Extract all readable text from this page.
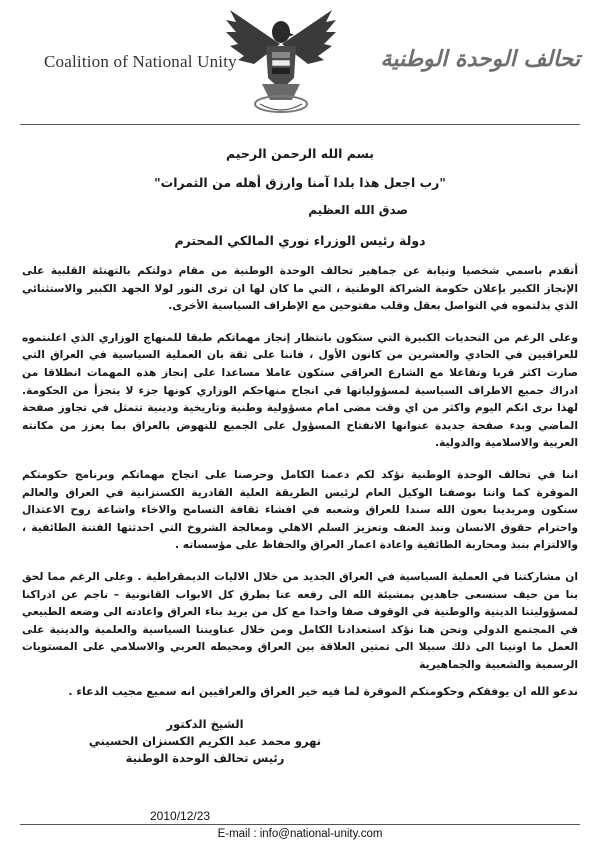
Coalition of National Unity	تحالف الوحدة الوطنية
بسم الله الرحمن الرحيم
"رب اجعل هذا بلدا آمنا وارزق أهله من الثمرات"
صدق الله العظيم
دولة رئيس الوزراء نوري المالكي المحترم
أتقدم باسمي شخصيا ونيابة عن جماهير تحالف الوحدة الوطنية من مقام دولتكم بالتهنئة القلبية على الإنجاز الكبير بإعلان حكومة الشراكة الوطنية ، التي ما كان لها ان ترى النور لولا الجهد الكبير والاستثنائي الذي بذلتموه في التواصل بعقل وقلب مفتوحين مع الإطراف السياسية الأخرى.
وعلى الرغم من التحديات الكبيرة التي ستكون بانتظار إنجاز مهماتكم طبقا للمنهاج الوزاري الذي اعلنتموه للعراقيين في الحادي والعشرين من كانون الأول ، فاننا على ثقة بان العملية السياسية في العراق التي صارت اكثر قربا وتفاعلا مع الشارع العراقي ستكون عاملا مساعدا على إنجاز هذه المهمات انطلاقا من ادراك جميع الاطراف السياسية لمسؤولياتها في انجاح منهاجكم الوزاري كونها جزء لا يتجزأ من الحكومة. لهذا نرى انكم اليوم واكثر من اي وقت مضى امام مسؤولية وطنية وتاريخية ودينية تتمثل في تجاوز صفحة الماضي وبدء صفحة جديدة عنوانها الانفتاح المسؤول على الجميع للنهوض بالعراق بما يعزز من مكانته العربية والاسلامية والدولية.
اننا في تحالف الوحدة الوطنية نؤكد لكم دعمنا الكامل وحرصنا على انجاح مهماتكم وبرنامج حكومتكم الموقرة كما واننا بوصفنا الوكيل العام لرئيس الطريقة العلية القادرية الكسنزانية في العراق والعالم سنكون ومريدينا بعون الله سندا للعراق وشعبه في افشاء ثقافة التسامح والاخاء واشاعة روح الاعتدال واحترام حقوق الانسان ونبذ العنف وتعزيز السلم الاهلي ومعالجة الشروخ التي احدثتها الفتنة الطائفية ، والالتزام بنبذ ومحاربة الطائفية واعادة اعمار العراق والحفاظ على مؤسساته .
ان مشاركتنا في العملية السياسية في العراق الجديد من خلال الاليات الديمقراطية . وعلى الرغم مما لحق بنا من حيف سنسعى جاهدين بمشيئة الله الى رفعه عنا بطرق كل الابواب القانونية – ناجم عن ادراكنا لمسؤوليتنا الدينية والوطنية في الوقوف صفا واحدا مع كل من يريد بناء العراق واعادته الى وضعه الطبيعي في المجتمع الدولي ونحن هنا نؤكد استعدادنا الكامل ومن خلال عناويننا السياسية والعلمية والدينية على العمل ما اوتينا الى ذلك سبيلا الى تمتين العلاقة بين العراق ومحيطه العربي والاسلامي على المستويات الرسمية والشعبية والجماهيرية
ندعو الله ان يوفقكم وحكومتكم الموقرة لما فيه خير العراق والعراقيين انه سميع مجيب الدعاء .
الشيخ الدكتور
نهرو محمد عبد الكريم الكسنزان الحسيني
رئيس تحالف الوحدة الوطنية
2010/12/23
E-mail : info@national-unity.com
